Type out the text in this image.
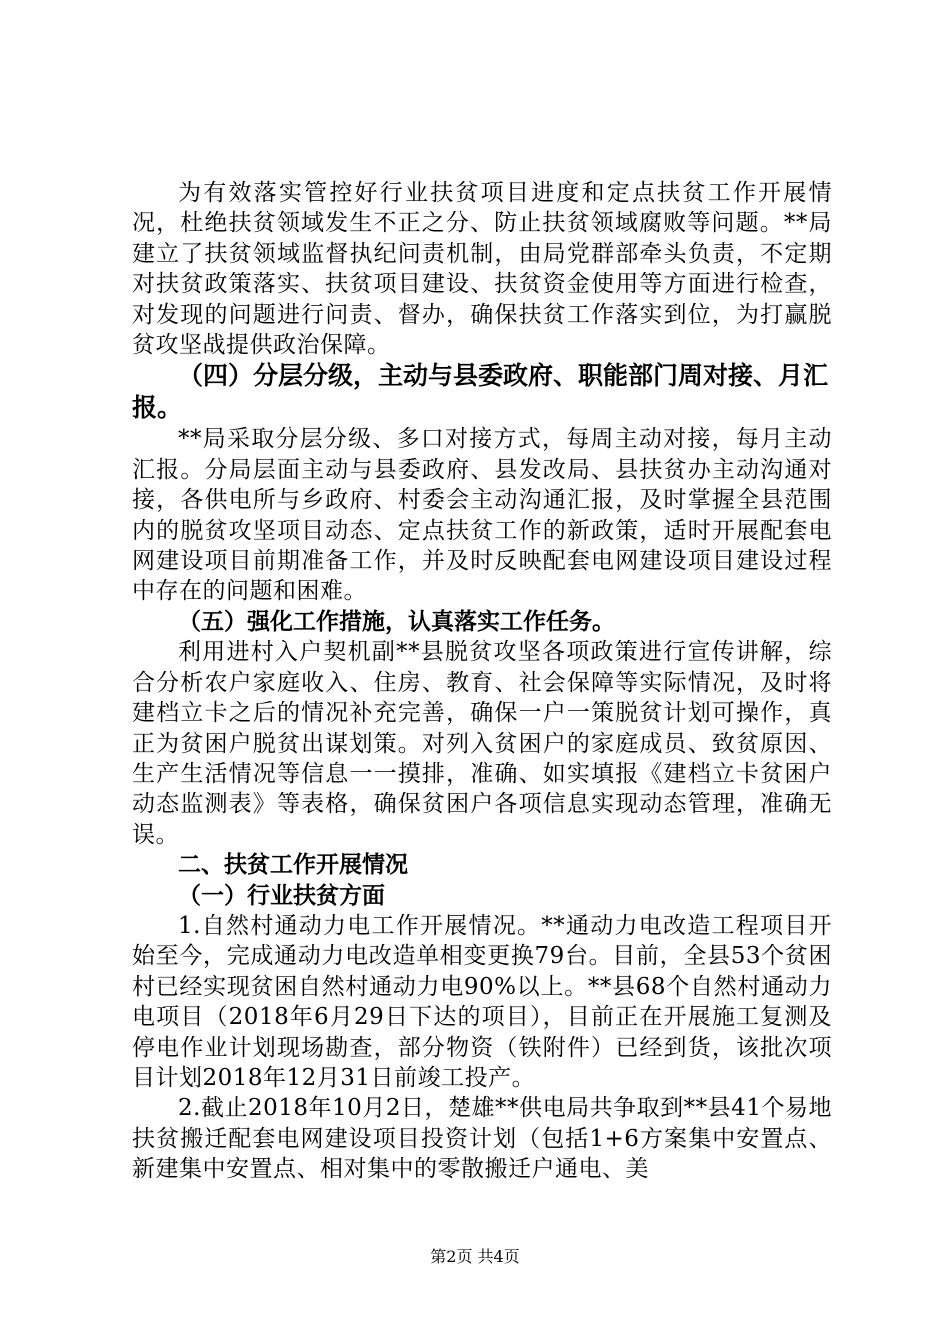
为有效落实管控好行业扶贫项目进度和定点扶贫工作开展情况，杜绝扶贫领域发生不正之分、防止扶贫领域腐败等问题。**局建立了扶贫领域监督执纪问责机制，由局党群部牵头负责，不定期对扶贫政策落实、扶贫项目建设、扶贫资金使用等方面进行检查，对发现的问题进行问责、督办，确保扶贫工作落实到位，为打赢脱贫攻坚战提供政治保障。

（四）分层分级，主动与县委政府、职能部门周对接、月汇报。

**局采取分层分级、多口对接方式，每周主动对接，每月主动汇报。分局层面主动与县委政府、县发改局、县扶贫办主动沟通对接，各供电所与乡政府、村委会主动沟通汇报，及时掌握全县范围内的脱贫攻坚项目动态、定点扶贫工作的新政策，适时开展配套电网建设项目前期准备工作，并及时反映配套电网建设项目建设过程中存在的问题和困难。

（五）强化工作措施，认真落实工作任务。

利用进村入户契机副**县脱贫攻坚各项政策进行宣传讲解，综合分析农户家庭收入、住房、教育、社会保障等实际情况，及时将建档立卡之后的情况补充完善，确保一户一策脱贫计划可操作，真正为贫困户脱贫出谋划策。对列入贫困户的家庭成员、致贫原因、生产生活情况等信息一一摸排，准确、如实填报《建档立卡贫困户动态监测表》等表格，确保贫困户各项信息实现动态管理，准确无误。

二、扶贫工作开展情况

（一）行业扶贫方面

1.自然村通动力电工作开展情况。**通动力电改造工程项目开始至今，完成通动力电改造单相变更换79台。目前，全县53个贫困村已经实现贫困自然村通动力电90%以上。**县68个自然村通动力电项目（2018年6月29日下达的项目），目前正在开展施工复测及停电作业计划现场勘查，部分物资（铁附件）已经到货，该批次项目计划2018年12月31日前竣工投产。

2.截止2018年10月2日，楚雄**供电局共争取到**县41个易地扶贫搬迁配套电网建设项目投资计划（包括1+6方案集中安置点、新建集中安置点、相对集中的零散搬迁户通电、美

第2页 共4页
